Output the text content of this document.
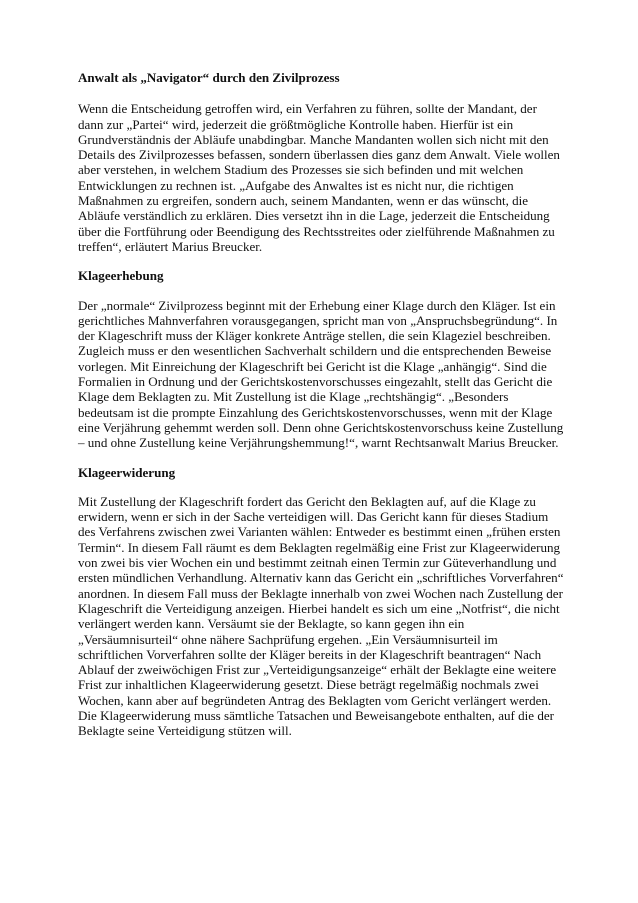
Anwalt als „Navigator“ durch den Zivilprozess

Wenn die Entscheidung getroffen wird, ein Verfahren zu führen, sollte der Mandant, der dann zur „Partei“ wird, jederzeit die größtmögliche Kontrolle haben. Hierfür ist ein Grundverständnis der Abläufe unabdingbar. Manche Mandanten wollen sich nicht mit den Details des Zivilprozesses befassen, sondern überlassen dies ganz dem Anwalt. Viele wollen aber verstehen, in welchem Stadium des Prozesses sie sich befinden und mit welchen Entwicklungen zu rechnen ist. „Aufgabe des Anwaltes ist es nicht nur, die richtigen Maßnahmen zu ergreifen, sondern auch, seinem Mandanten, wenn er das wünscht, die Abläufe verständlich zu erklären. Dies versetzt ihn in die Lage, jederzeit die Entscheidung über die Fortführung oder Beendigung des Rechtsstreites oder zielführende Maßnahmen zu treffen“, erläutert Marius Breucker.

Klageerhebung

Der „normale“ Zivilprozess beginnt mit der Erhebung einer Klage durch den Kläger. Ist ein gerichtliches Mahnverfahren vorausgegangen, spricht man von „Anspruchsbegründung“. In der Klageschrift muss der Kläger konkrete Anträge stellen, die sein Klageziel beschreiben. Zugleich muss er den wesentlichen Sachverhalt schildern und die entsprechenden Beweise vorlegen. Mit Einreichung der Klageschrift bei Gericht ist die Klage „anhängig“. Sind die Formalien in Ordnung und der Gerichtskostenvorschusses eingezahlt, stellt das Gericht die Klage dem Beklagten zu. Mit Zustellung ist die Klage „rechtshängig“. „Besonders bedeutsam ist die prompte Einzahlung des Gerichtskostenvorschusses, wenn mit der Klage eine Verjährung gehemmt werden soll. Denn ohne Gerichtskostenvorschuss keine Zustellung – und ohne Zustellung keine Verjährungshemmung!“, warnt Rechtsanwalt Marius Breucker.

Klageerwiderung

Mit Zustellung der Klageschrift fordert das Gericht den Beklagten auf, auf die Klage zu erwidern, wenn er sich in der Sache verteidigen will. Das Gericht kann für dieses Stadium des Verfahrens zwischen zwei Varianten wählen: Entweder es bestimmt einen „frühen ersten Termin“. In diesem Fall räumt es dem Beklagten regelmäßig eine Frist zur Klageerwiderung von zwei bis vier Wochen ein und bestimmt zeitnah einen Termin zur Güteverhandlung und ersten mündlichen Verhandlung. Alternativ kann das Gericht ein „schriftliches Vorverfahren“ anordnen. In diesem Fall muss der Beklagte innerhalb von zwei Wochen nach Zustellung der Klageschrift die Verteidigung anzeigen. Hierbei handelt es sich um eine „Notfrist“, die nicht verlängert werden kann. Versäumt sie der Beklagte, so kann gegen ihn ein „Versäumnisurteil“ ohne nähere Sachprüfung ergehen. „Ein Versäumnisurteil im schriftlichen Vorverfahren sollte der Kläger bereits in der Klageschrift beantragen“ Nach Ablauf der zweiwöchigen Frist zur „Verteidigungsanzeige“ erhält der Beklagte eine weitere Frist zur inhaltlichen Klageerwiderung gesetzt. Diese beträgt regelmäßig nochmals zwei Wochen, kann aber auf begründeten Antrag des Beklagten vom Gericht verlängert werden. Die Klageerwiderung muss sämtliche Tatsachen und Beweisangebote enthalten, auf die der Beklagte seine Verteidigung stützen will.
